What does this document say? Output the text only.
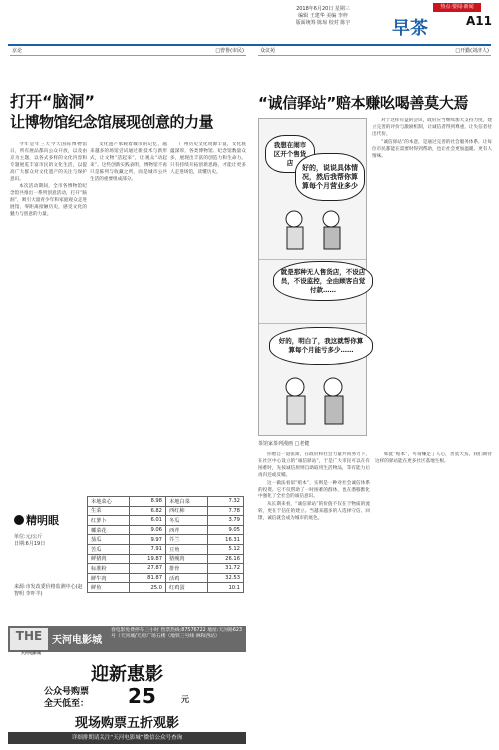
2018年6月20日 星期三
编辑 王建华 美编 李梓
版面统筹 陈琼 校对 陈宇	早茶
热点·要闻·新闻
A11
京论	□曾鲁(市民)	众议苑	□开勤(刘济人)
打开“脑洞”
让博物馆纪念馆展现创意的力量

今年是年三天今天国际博物馆日，所有展品都向公众开放，以及由京为主题，以各式多样的文化内容和专题展览丰富市民的文化生活，以提高广大群众对文化遗产的关注与保护意识。

本次活动期间，全市各博物馆纪念馆共推出一系列创意活动，打开“脑洞”，吸引大量青少年和家庭观众走进展馆，零距离接触历史，感受文化的魅力与创意的力量。

文化遗产承载着城市的记忆，越来越多的场馆尝试通过新技术与新形式，让文物“活起来”，让观众“动起来”。这些创新实践表明，博物馆不再只是陈列与收藏之所，而是城市公共生活的重要组成部分。

广州历史文化资源丰富，文化底蕴深厚，各类博物馆、纪念馆数量众多，展现出丰富的创造力和生命力。只有持续开拓创新思路，才能让更多人走进场馆，读懂历史。

精明眼
单位:元/公斤
日期:6月19日
来源:市发改委价格监测中心(赵智明 李吓羊)
本地菜心	8.98	本地白菜	7.32
生菜	6.82	西红柿	7.78
红萝卜	6.01	冬瓜	3.79
椰菜花	9.06	西芹	9.05
茄瓜	9.97	芥兰	16.31
苦瓜	7.91	豆角	5.12
鲜猪肉	19.87	猪瘦肉	26.16
标准粉	27.87	排骨	31.72
鲜牛肉	81.87	活鸡	32.53
鲜鱼	25.0	红鸡蛋	10.1
THE
天河电影城
天河电影城
春电影免费停车三小时 售票热线:87576722 地址:天河路623号（天河城/天府广场五楼（地铁三号线 林和西站）
迎新惠影
公众号购票
全天低至： 25	元
现场购票五折观影
详细排期请关注“天河电影城”微信公众号查询
“诚信驿站”赔本赚吆喝善莫大焉
我想在闹市区开个售货店
好的，说说具体情况，然后我帮你算算每个月营业多少
就是那种无人售货店，不设店员，不设监控，全由顾客自觉付款……
好的，明白了，我这就帮你算算每个月能亏多少……
茶馆家茶列漫画 □老健

对于这样有益的尝试，政府应当继续加大支持力度，建立完善的评价与激励机制，让诚信者得到尊重，让失信者付出代价。

“诚信驿站”的本意，是通过完善的社会服务体系，让每位市民都能在需要时得到帮助，也让社会更加温暖、更有人情味。

你始自一道张斯，在政府和社会力量共同努力下，在社区中心设立的“诚信驿站”，于是广大市民可以在有困难时，先按诚信原则自助取用生活物品，等有能力后再归还或反哺。

这一做法看似“赔本”，实则是一种对社会诚信体系的投资。它不仅帮助了一时困难的群体，也在潜移默化中强化了全社会的诚信意识。

从长期来看，“诚信驿站”的价值不仅在于物质的流转，更在于信任的建立。当越来越多的人选择守信、回馈，诚信就会成为城市的底色。

如此“赔本”，可谓赚足了人心，善莫大焉。我们期待这样的驿站能在更多社区落地生根。
